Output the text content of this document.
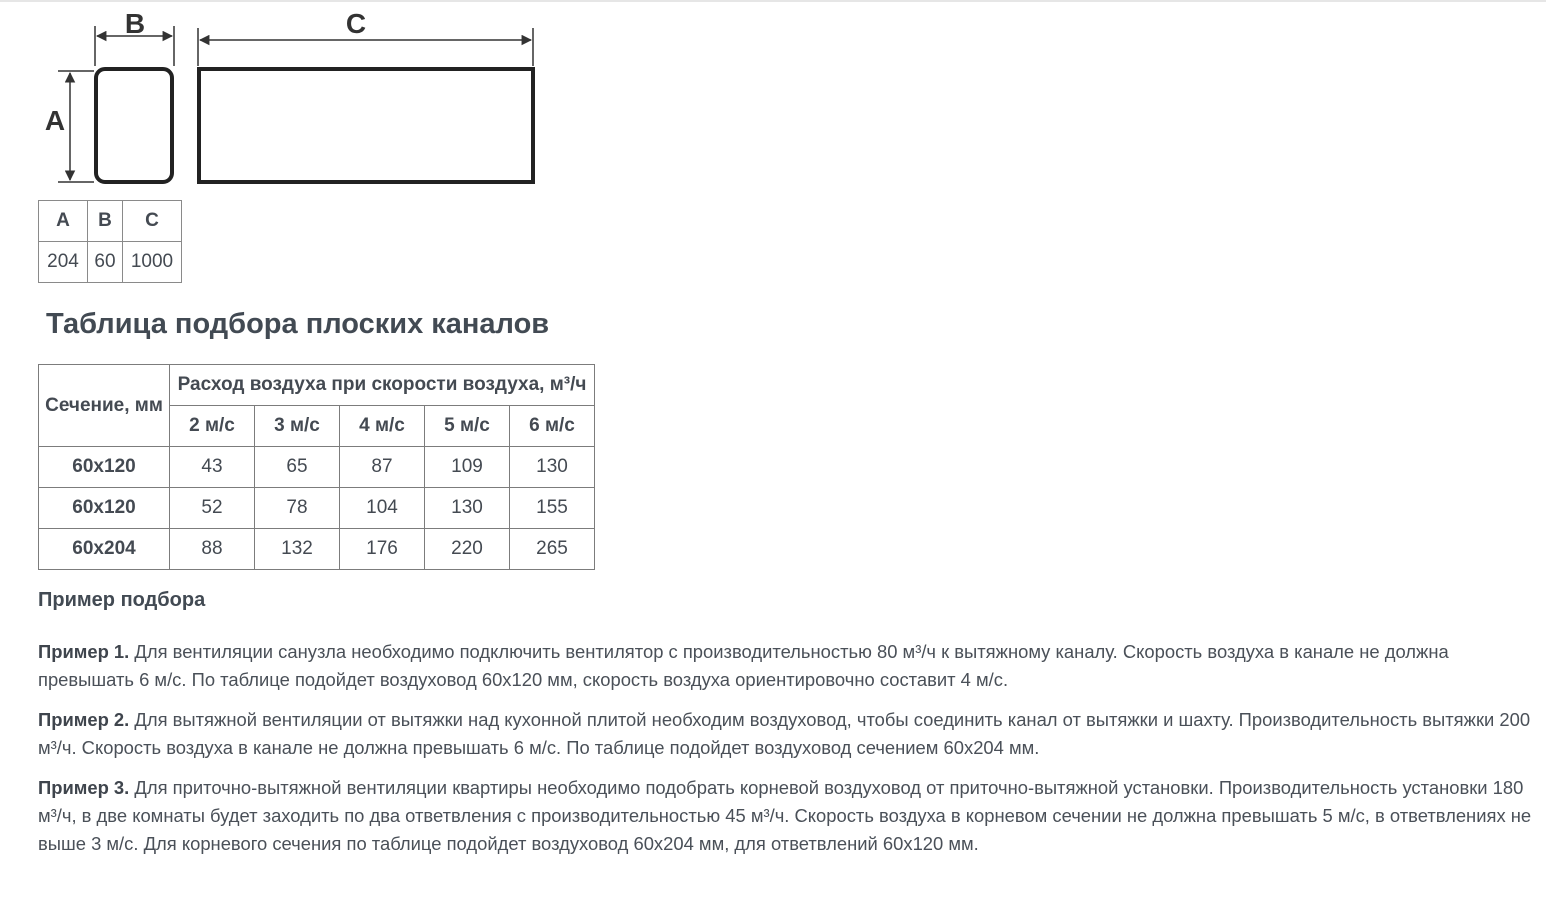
B	C
A
A	B	C
204	60	1000
Таблица подбора плоских каналов
Сечение, мм	Расход воздуха при скорости воздуха, м³/ч				
	2 м/с	3 м/с	4 м/с	5 м/с	6 м/с
60x120	43	65	87	109	130
60x120	52	78	104	130	155
60x204	88	132	176	220	265
Пример подбора

Пример 1. Для вентиляции санузла необходимо подключить вентилятор с производительностью 80 м³/ч к вытяжному каналу. Скорость воздуха в канале не должна превышать 6 м/с. По таблице подойдет воздуховод 60х120 мм, скорость воздуха ориентировочно составит 4 м/с.

Пример 2. Для вытяжной вентиляции от вытяжки над кухонной плитой необходим воздуховод, чтобы соединить канал от вытяжки и шахту. Производительность вытяжки 200 м³/ч. Скорость воздуха в канале не должна превышать 6 м/с. По таблице подойдет воздуховод сечением 60х204 мм.

Пример 3. Для приточно-вытяжной вентиляции квартиры необходимо подобрать корневой воздуховод от приточно-вытяжной установки. Производительность установки 180 м³/ч, в две комнаты будет заходить по два ответвления с производительностью 45 м³/ч. Скорость воздуха в корневом сечении не должна превышать 5 м/с, в ответвлениях не выше 3 м/с. Для корневого сечения по таблице подойдет воздуховод 60х204 мм, для ответвлений 60х120 мм.
